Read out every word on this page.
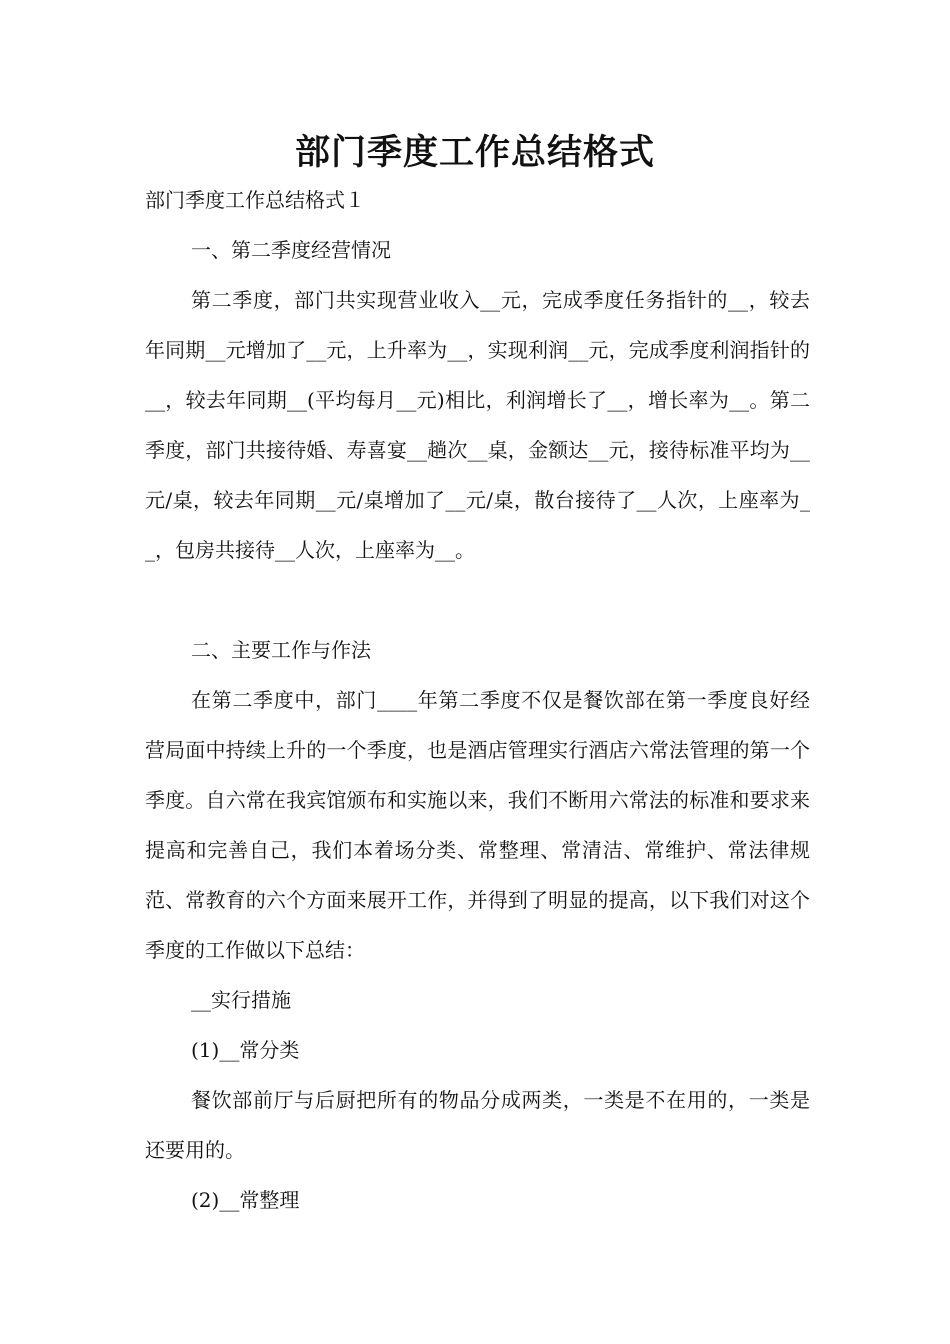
部门季度工作总结格式

部门季度工作总结格式１

一、第二季度经营情况

第二季度，部门共实现营业收入__元，完成季度任务指针的__，较去年同期__元增加了__元，上升率为__，实现利润__元，完成季度利润指针的__，较去年同期__(平均每月__元)相比，利润增长了__，增长率为__。第二季度，部门共接待婚、寿喜宴__趟次__桌，金额达__元，接待标准平均为__元/桌，较去年同期__元/桌增加了__元/桌，散台接待了__人次，上座率为__，包房共接待__人次，上座率为__。

二、主要工作与作法

在第二季度中，部门____年第二季度不仅是餐饮部在第一季度良好经营局面中持续上升的一个季度，也是酒店管理实行酒店六常法管理的第一个季度。自六常在我宾馆颁布和实施以来，我们不断用六常法的标准和要求来提高和完善自己，我们本着场分类、常整理、常清洁、常维护、常法律规范、常教育的六个方面来展开工作，并得到了明显的提高，以下我们对这个季度的工作做以下总结：

__实行措施

(1)__常分类

餐饮部前厅与后厨把所有的物品分成两类，一类是不在用的，一类是还要用的。

(2)__常整理
